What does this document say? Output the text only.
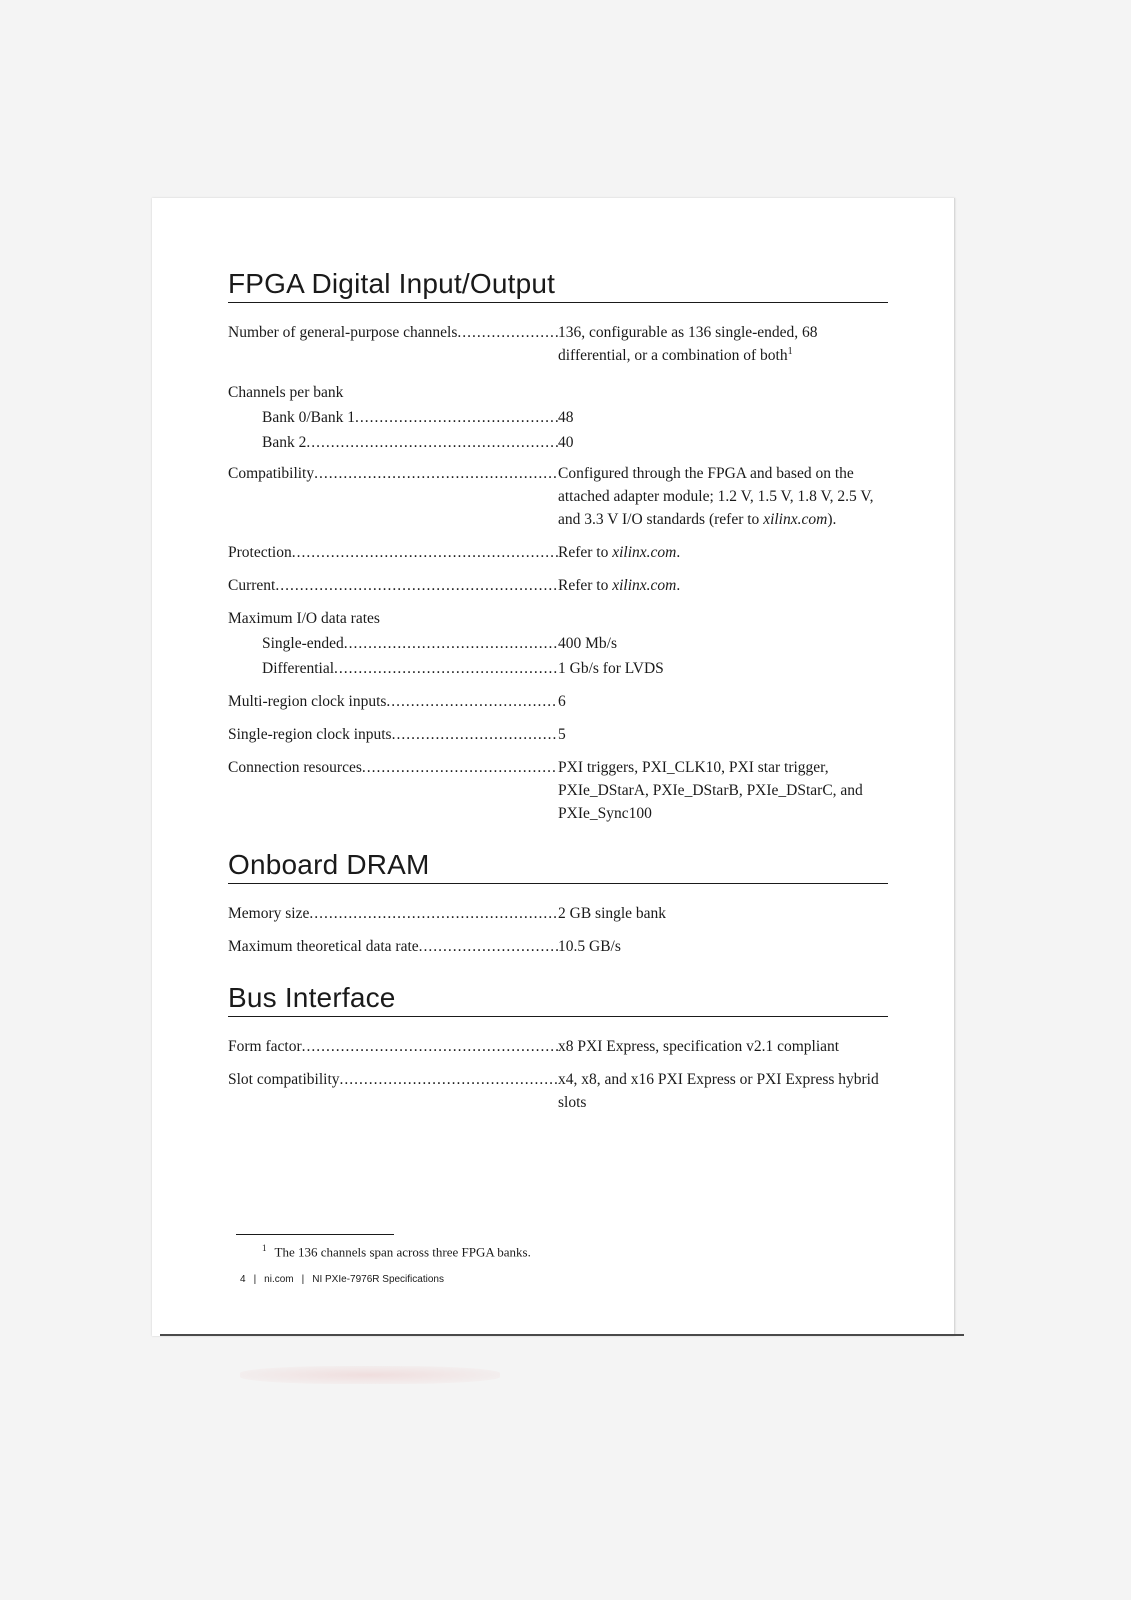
FPGA Digital Input/Output
Number of general-purpose channels .....	136, configurable as 136 single-ended, 68 differential, or a combination of both$^1$
Channels per bank
Bank 0/Bank 1 .....	48
Bank 2 .....	40
Compatibility .....	Configured through the FPGA and based on the attached adapter module; 1.2 V, 1.5 V, 1.8 V, 2.5 V, and 3.3 V I/O standards (refer to xilinx.com).
Protection .....	Refer to xilinx.com.
Current .....	Refer to xilinx.com.
Maximum I/O data rates
Single-ended .....	400 Mb/s
Differential .....	1 Gb/s for LVDS
Multi-region clock inputs .....	6
Single-region clock inputs .....	5
Connection resources .....	PXI triggers, PXI_CLK10, PXI star trigger, PXIe_DStarA, PXIe_DStarB, PXIe_DStarC, and PXIe_Sync100
Onboard DRAM
Memory size .....	2 GB single bank
Maximum theoretical data rate .....	10.5 GB/s
Bus Interface
Form factor .....	x8 PXI Express, specification v2.1 compliant
Slot compatibility .....	x4, x8, and x16 PXI Express or PXI Express hybrid slots
$^1$ The 136 channels span across three FPGA banks.
4 | ni.com | NI PXIe-7976R Specifications
